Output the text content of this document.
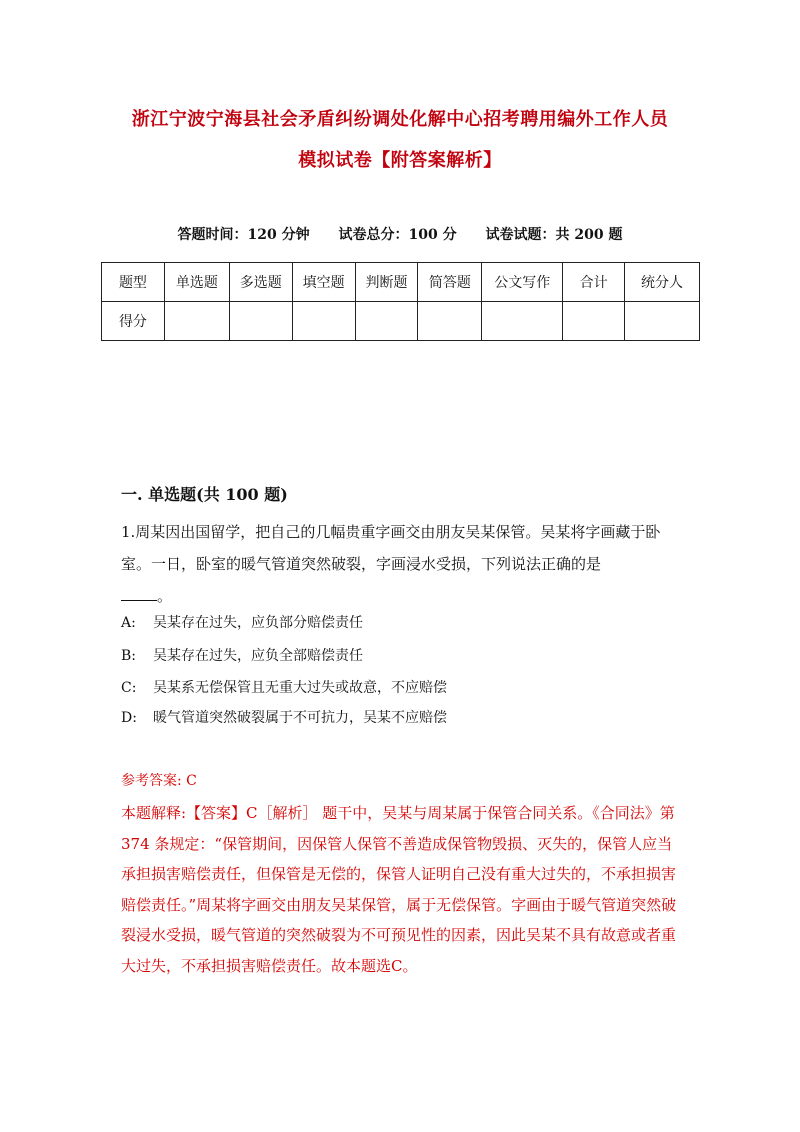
浙江宁波宁海县社会矛盾纠纷调处化解中心招考聘用编外工作人员
模拟试卷【附答案解析】
答题时间：120 分钟 试卷总分：100 分 试卷试题：共 200 题
题型	单选题	多选题	填空题	判断题	简答题	公文写作	合计	统分人
得分								
一. 单选题(共 100 题)
1.周某因出国留学，把自己的几幅贵重字画交由朋友吴某保管。吴某将字画藏于卧室。一日，卧室的暖气管道突然破裂，字画浸水受损，下列说法正确的是
。
A: 吴某存在过失，应负部分赔偿责任
B: 吴某存在过失，应负全部赔偿责任
C: 吴某系无偿保管且无重大过失或故意，不应赔偿
D: 暖气管道突然破裂属于不可抗力，吴某不应赔偿
参考答案: C
本题解释:【答案】C［解析］ 题干中，吴某与周某属于保管合同关系。《合同法》第 374 条规定：“保管期间，因保管人保管不善造成保管物毁损、灭失的，保管人应当承担损害赔偿责任，但保管是无偿的，保管人证明自己没有重大过失的，不承担损害赔偿责任。”周某将字画交由朋友吴某保管，属于无偿保管。字画由于暖气管道突然破裂浸水受损，暖气管道的突然破裂为不可预见性的因素，因此吴某不具有故意或者重大过失，不承担损害赔偿责任。故本题选C。
